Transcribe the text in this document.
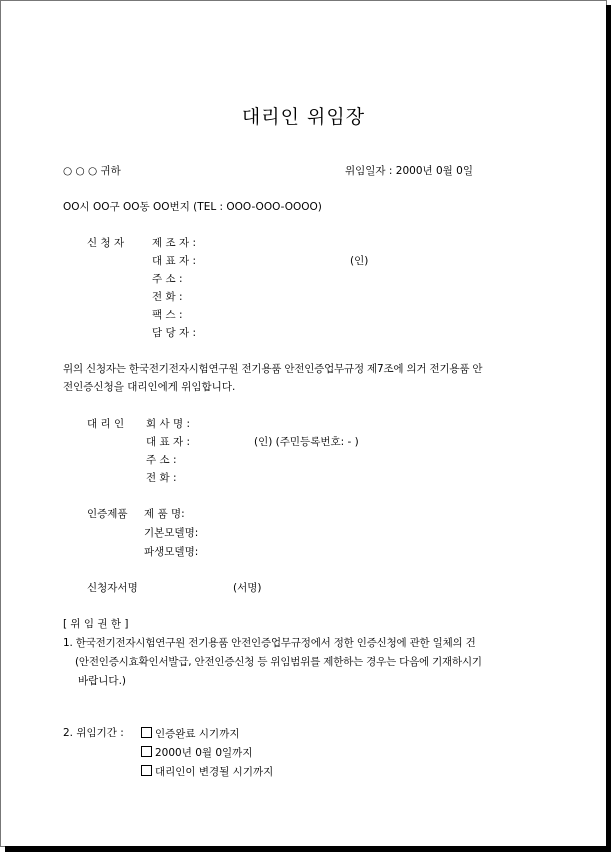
대리인 위임장
○ ○ ○ 귀하	위임일자 : 2000년 0월 0일
OO시 OO구 OO동 OO번지 (TEL : OOO-OOO-OOOO)
신 청 자	제 조 자 :
대 표 자 :	(인)
주 소 :
전 화 :
팩 스 :
담 당 자 :
위의 신청자는 한국전기전자시험연구원 전기용품 안전인증업무규정 제7조에 의거 전기용품 안
전인증신청을 대리인에게 위임합니다.
대 리 인 회 사 명 :
대 표 자 :	(인) (주민등록번호: - )
주 소 :
전 화 :
인증제품 제 품 명:
기본모델명:
파생모델명:
신청자서명	(서명)
[ 위 임 권 한 ]
1. 한국전기전자시험연구원 전기용품 안전인증업무규정에서 정한 인증신청에 관한 일체의 건
(안전인증시효확인서발급, 안전인증신청 등 위임범위를 제한하는 경우는 다음에 기재하시기
바랍니다.)
2. 위임기간 :	인증완료 시기까지
2000년 0월 0일까지
대리인이 변경될 시기까지
